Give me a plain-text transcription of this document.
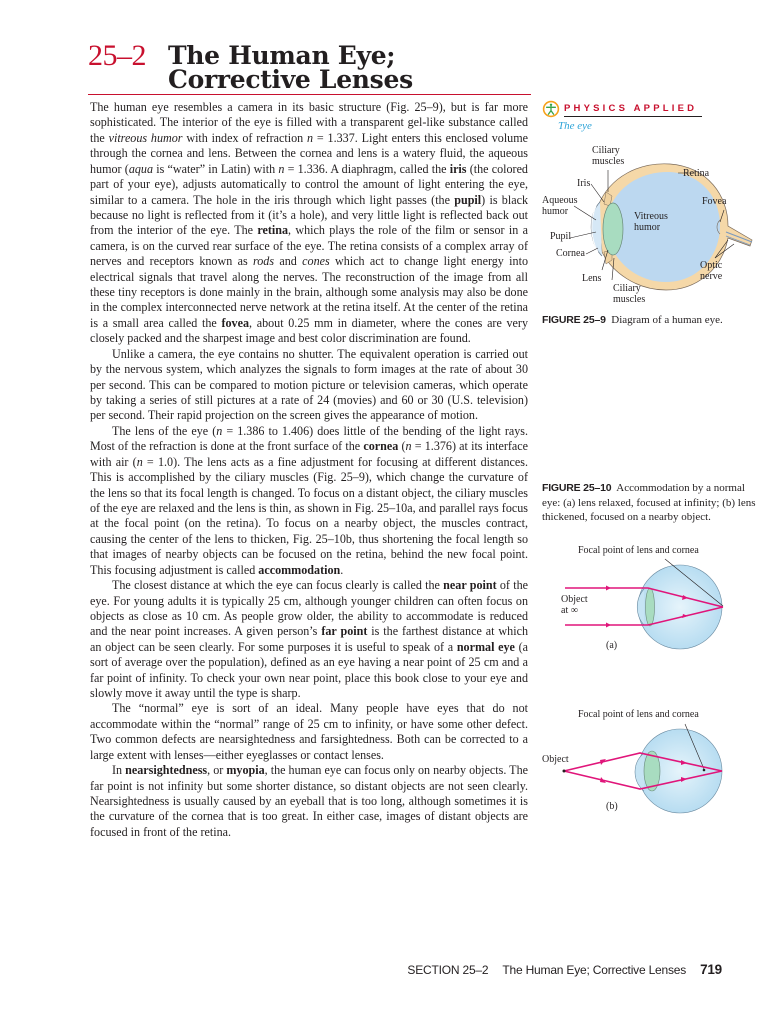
25–2 The Human Eye;
Corrective Lenses

The human eye resembles a camera in its basic structure (Fig. 25–9), but is far more sophisticated. The interior of the eye is filled with a transparent gel-like substance called the vitreous humor with index of refraction n = 1.337. Light enters this enclosed volume through the cornea and lens. Between the cornea and lens is a watery fluid, the aqueous humor (aqua is “water” in Latin) with n = 1.336. A diaphragm, called the iris (the colored part of your eye), adjusts automatically to control the amount of light entering the eye, similar to a camera. The hole in the iris through which light passes (the pupil) is black because no light is reflected from it (it’s a hole), and very little light is reflected back out from the interior of the eye. The retina, which plays the role of the film or sensor in a camera, is on the curved rear surface of the eye. The retina consists of a complex array of nerves and receptors known as rods and cones which act to change light energy into electrical signals that travel along the nerves. The reconstruction of the image from all these tiny receptors is done mainly in the brain, although some analysis may also be done in the complex interconnected nerve network at the retina itself. At the center of the retina is a small area called the fovea, about 0.25 mm in diameter, where the cones are very closely packed and the sharpest image and best color discrimination are found.

Unlike a camera, the eye contains no shutter. The equivalent operation is carried out by the nervous system, which analyzes the signals to form images at the rate of about 30 per second. This can be compared to motion picture or television cameras, which operate by taking a series of still pictures at a rate of 24 (movies) and 60 or 30 (U.S. television) per second. Their rapid projection on the screen gives the appearance of motion.

The lens of the eye (n = 1.386 to 1.406) does little of the bending of the light rays. Most of the refraction is done at the front surface of the cornea (n = 1.376) at its interface with air (n = 1.0). The lens acts as a fine adjustment for focusing at different distances. This is accomplished by the ciliary muscles (Fig. 25–9), which change the curvature of the lens so that its focal length is changed. To focus on a distant object, the ciliary muscles of the eye are relaxed and the lens is thin, as shown in Fig. 25–10a, and parallel rays focus at the focal point (on the retina). To focus on a nearby object, the muscles contract, causing the center of the lens to thicken, Fig. 25–10b, thus shortening the focal length so that images of nearby objects can be focused on the retina, behind the new focal point. This focusing adjustment is called accommodation.

The closest distance at which the eye can focus clearly is called the near point of the eye. For young adults it is typically 25 cm, although younger children can often focus on objects as close as 10 cm. As people grow older, the ability to accommodate is reduced and the near point increases. A given person’s far point is the farthest distance at which an object can be seen clearly. For some purposes it is useful to speak of a normal eye (a sort of average over the population), defined as an eye having a near point of 25 cm and a far point of infinity. To check your own near point, place this book close to your eye and slowly move it away until the type is sharp.

The “normal” eye is sort of an ideal. Many people have eyes that do not accommodate within the “normal” range of 25 cm to infinity, or have some other defect. Two common defects are nearsightedness and farsightedness. Both can be corrected to a large extent with lenses—either eyeglasses or contact lenses.

In nearsightedness, or myopia, the human eye can focus only on nearby objects. The far point is not infinity but some shorter distance, so distant objects are not seen clearly. Nearsightedness is usually caused by an eyeball that is too long, although sometimes it is the curvature of the cornea that is too great. In either case, images of distant objects are focused in front of the retina.

PHYSICS APPLIED
The eye
Ciliary
muscles
Retina
Iris
Aqueous
humor
Fovea
Vitreous
humor
Pupil
Cornea
Optic
nerve
Lens
Ciliary
muscles
FIGURE 25–9 Diagram of a human eye.
FIGURE 25–10 Accommodation by a normal eye: (a) lens relaxed, focused at infinity; (b) lens thickened, focused on a nearby object.
Focal point of lens and cornea
Object
at ∞
(a)
Focal point of lens and cornea
Object
(b)
SECTION 25–2 The Human Eye; Corrective Lenses 719
